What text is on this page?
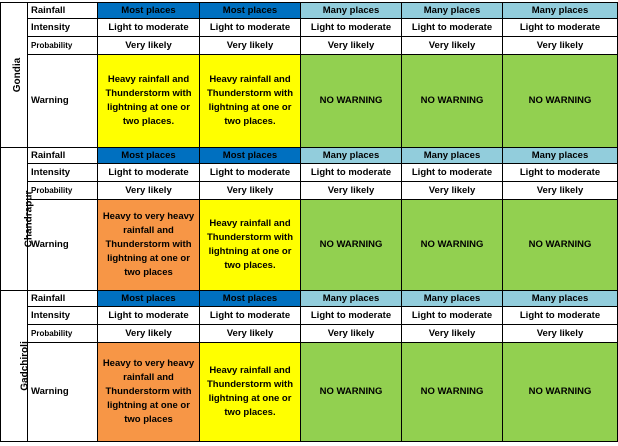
Gondia	Rainfall	Most places	Most places	Many places	Many places	Many places
	Intensity	Light to moderate	Light to moderate	Light to moderate	Light to moderate	Light to moderate
	Probability	Very likely	Very likely	Very likely	Very likely	Very likely
	Warning	Heavy rainfall and Thunderstorm with lightning at one or two places.	Heavy rainfall and Thunderstorm with lightning at one or two places.	NO WARNING	NO WARNING	NO WARNING
Chandrapur	Rainfall	Most places	Most places	Many places	Many places	Many places
	Intensity	Light to moderate	Light to moderate	Light to moderate	Light to moderate	Light to moderate
	Probability	Very likely	Very likely	Very likely	Very likely	Very likely
	Warning	Heavy to very heavy rainfall and Thunderstorm with lightning at one or two places	Heavy rainfall and Thunderstorm with lightning at one or two places.	NO WARNING	NO WARNING	NO WARNING
Gadchiroli	Rainfall	Most places	Most places	Many places	Many places	Many places
	Intensity	Light to moderate	Light to moderate	Light to moderate	Light to moderate	Light to moderate
	Probability	Very likely	Very likely	Very likely	Very likely	Very likely
	Warning	Heavy to very heavy rainfall and Thunderstorm with lightning at one or two places	Heavy rainfall and Thunderstorm with lightning at one or two places.	NO WARNING	NO WARNING	NO WARNING
